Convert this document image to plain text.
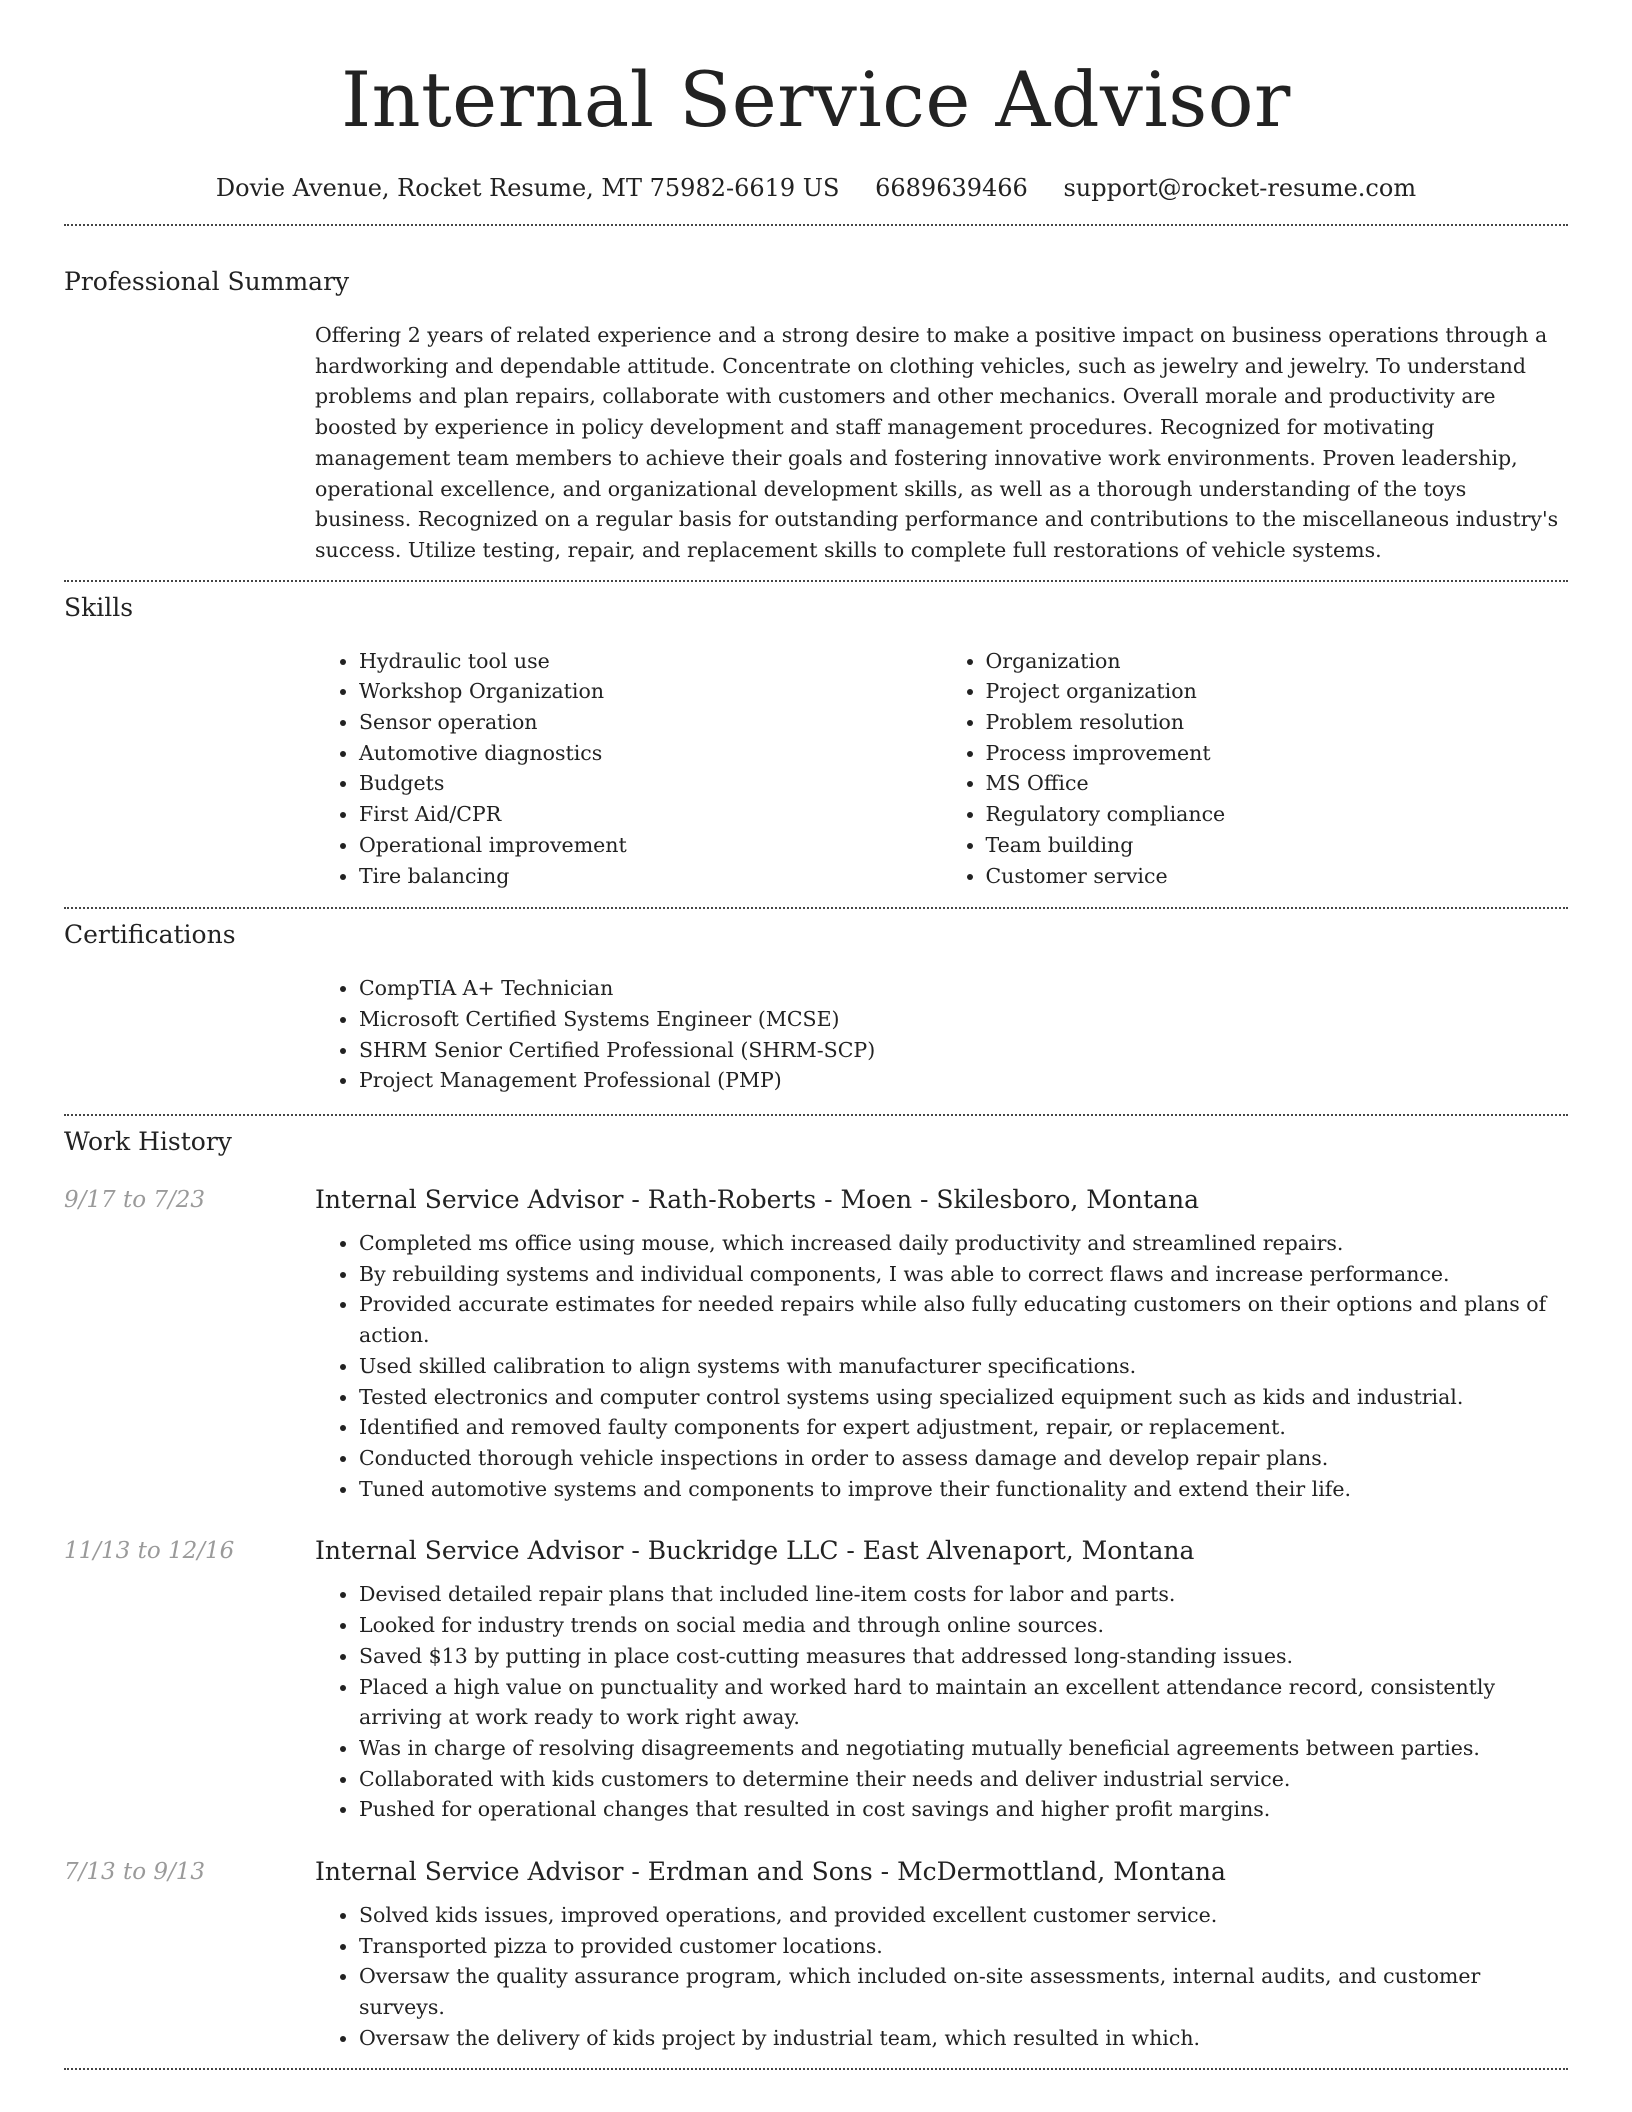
Internal Service Advisor
Dovie Avenue, Rocket Resume, MT 75982-6619 US 6689639466 support@rocket-resume.com
Professional Summary
Offering 2 years of related experience and a strong desire to make a positive impact on business operations through a hardworking and dependable attitude. Concentrate on clothing vehicles, such as jewelry and jewelry. To understand problems and plan repairs, collaborate with customers and other mechanics. Overall morale and productivity are boosted by experience in policy development and staff management procedures. Recognized for motivating management team members to achieve their goals and fostering innovative work environments. Proven leadership, operational excellence, and organizational development skills, as well as a thorough understanding of the toys business. Recognized on a regular basis for outstanding performance and contributions to the miscellaneous industry's success. Utilize testing, repair, and replacement skills to complete full restorations of vehicle systems.
Skills
• Hydraulic tool use
• Workshop Organization
• Sensor operation
• Automotive diagnostics
• Budgets
• First Aid/CPR
• Operational improvement
• Tire balancing
• Organization
• Project organization
• Problem resolution
• Process improvement
• MS Office
• Regulatory compliance
• Team building
• Customer service
Certifications
• CompTIA A+ Technician
• Microsoft Certified Systems Engineer (MCSE)
• SHRM Senior Certified Professional (SHRM-SCP)
• Project Management Professional (PMP)
Work History
9/17 to 7/23	Internal Service Advisor - Rath-Roberts - Moen - Skilesboro, Montana
• Completed ms office using mouse, which increased daily productivity and streamlined repairs.
• By rebuilding systems and individual components, I was able to correct flaws and increase performance.
• Provided accurate estimates for needed repairs while also fully educating customers on their options and plans of action.
• Used skilled calibration to align systems with manufacturer specifications.
• Tested electronics and computer control systems using specialized equipment such as kids and industrial.
• Identified and removed faulty components for expert adjustment, repair, or replacement.
• Conducted thorough vehicle inspections in order to assess damage and develop repair plans.
• Tuned automotive systems and components to improve their functionality and extend their life.
11/13 to 12/16	Internal Service Advisor - Buckridge LLC - East Alvenaport, Montana
• Devised detailed repair plans that included line-item costs for labor and parts.
• Looked for industry trends on social media and through online sources.
• Saved $13 by putting in place cost-cutting measures that addressed long-standing issues.
• Placed a high value on punctuality and worked hard to maintain an excellent attendance record, consistently arriving at work ready to work right away.
• Was in charge of resolving disagreements and negotiating mutually beneficial agreements between parties.
• Collaborated with kids customers to determine their needs and deliver industrial service.
• Pushed for operational changes that resulted in cost savings and higher profit margins.
7/13 to 9/13	Internal Service Advisor - Erdman and Sons - McDermottland, Montana
• Solved kids issues, improved operations, and provided excellent customer service.
• Transported pizza to provided customer locations.
• Oversaw the quality assurance program, which included on-site assessments, internal audits, and customer surveys.
• Oversaw the delivery of kids project by industrial team, which resulted in which.
